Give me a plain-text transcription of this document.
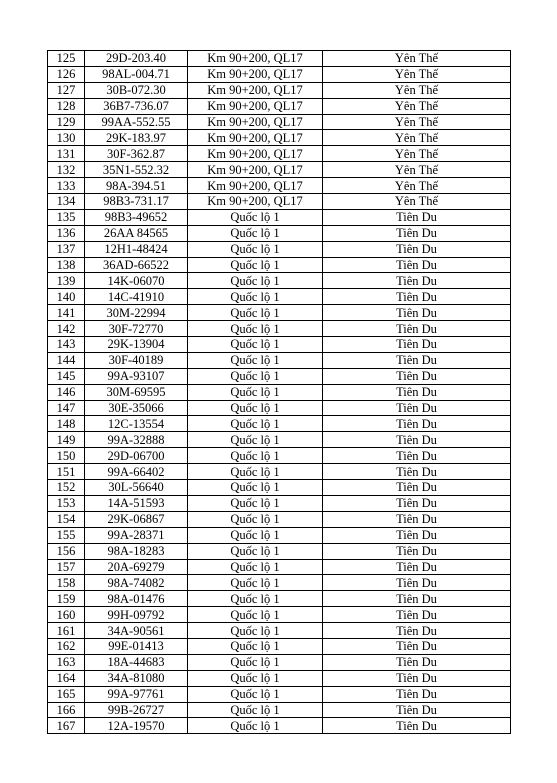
125	29D-203.40	Km 90+200, QL17	Yên Thế
126	98AL-004.71	Km 90+200, QL17	Yên Thế
127	30B-072.30	Km 90+200, QL17	Yên Thế
128	36B7-736.07	Km 90+200, QL17	Yên Thế
129	99AA-552.55	Km 90+200, QL17	Yên Thế
130	29K-183.97	Km 90+200, QL17	Yên Thế
131	30F-362.87	Km 90+200, QL17	Yên Thế
132	35N1-552.32	Km 90+200, QL17	Yên Thế
133	98A-394.51	Km 90+200, QL17	Yên Thế
134	98B3-731.17	Km 90+200, QL17	Yên Thế
135	98B3-49652	Quốc lộ 1	Tiên Du
136	26AA 84565	Quốc lộ 1	Tiên Du
137	12H1-48424	Quốc lộ 1	Tiên Du
138	36AD-66522	Quốc lộ 1	Tiên Du
139	14K-06070	Quốc lộ 1	Tiên Du
140	14C-41910	Quốc lộ 1	Tiên Du
141	30M-22994	Quốc lộ 1	Tiên Du
142	30F-72770	Quốc lộ 1	Tiên Du
143	29K-13904	Quốc lộ 1	Tiên Du
144	30F-40189	Quốc lộ 1	Tiên Du
145	99A-93107	Quốc lộ 1	Tiên Du
146	30M-69595	Quốc lộ 1	Tiên Du
147	30E-35066	Quốc lộ 1	Tiên Du
148	12C-13554	Quốc lộ 1	Tiên Du
149	99A-32888	Quốc lộ 1	Tiên Du
150	29D-06700	Quốc lộ 1	Tiên Du
151	99A-66402	Quốc lộ 1	Tiên Du
152	30L-56640	Quốc lộ 1	Tiên Du
153	14A-51593	Quốc lộ 1	Tiên Du
154	29K-06867	Quốc lộ 1	Tiên Du
155	99A-28371	Quốc lộ 1	Tiên Du
156	98A-18283	Quốc lộ 1	Tiên Du
157	20A-69279	Quốc lộ 1	Tiên Du
158	98A-74082	Quốc lộ 1	Tiên Du
159	98A-01476	Quốc lộ 1	Tiên Du
160	99H-09792	Quốc lộ 1	Tiên Du
161	34A-90561	Quốc lộ 1	Tiên Du
162	99E-01413	Quốc lộ 1	Tiên Du
163	18A-44683	Quốc lộ 1	Tiên Du
164	34A-81080	Quốc lộ 1	Tiên Du
165	99A-97761	Quốc lộ 1	Tiên Du
166	99B-26727	Quốc lộ 1	Tiên Du
167	12A-19570	Quốc lộ 1	Tiên Du
